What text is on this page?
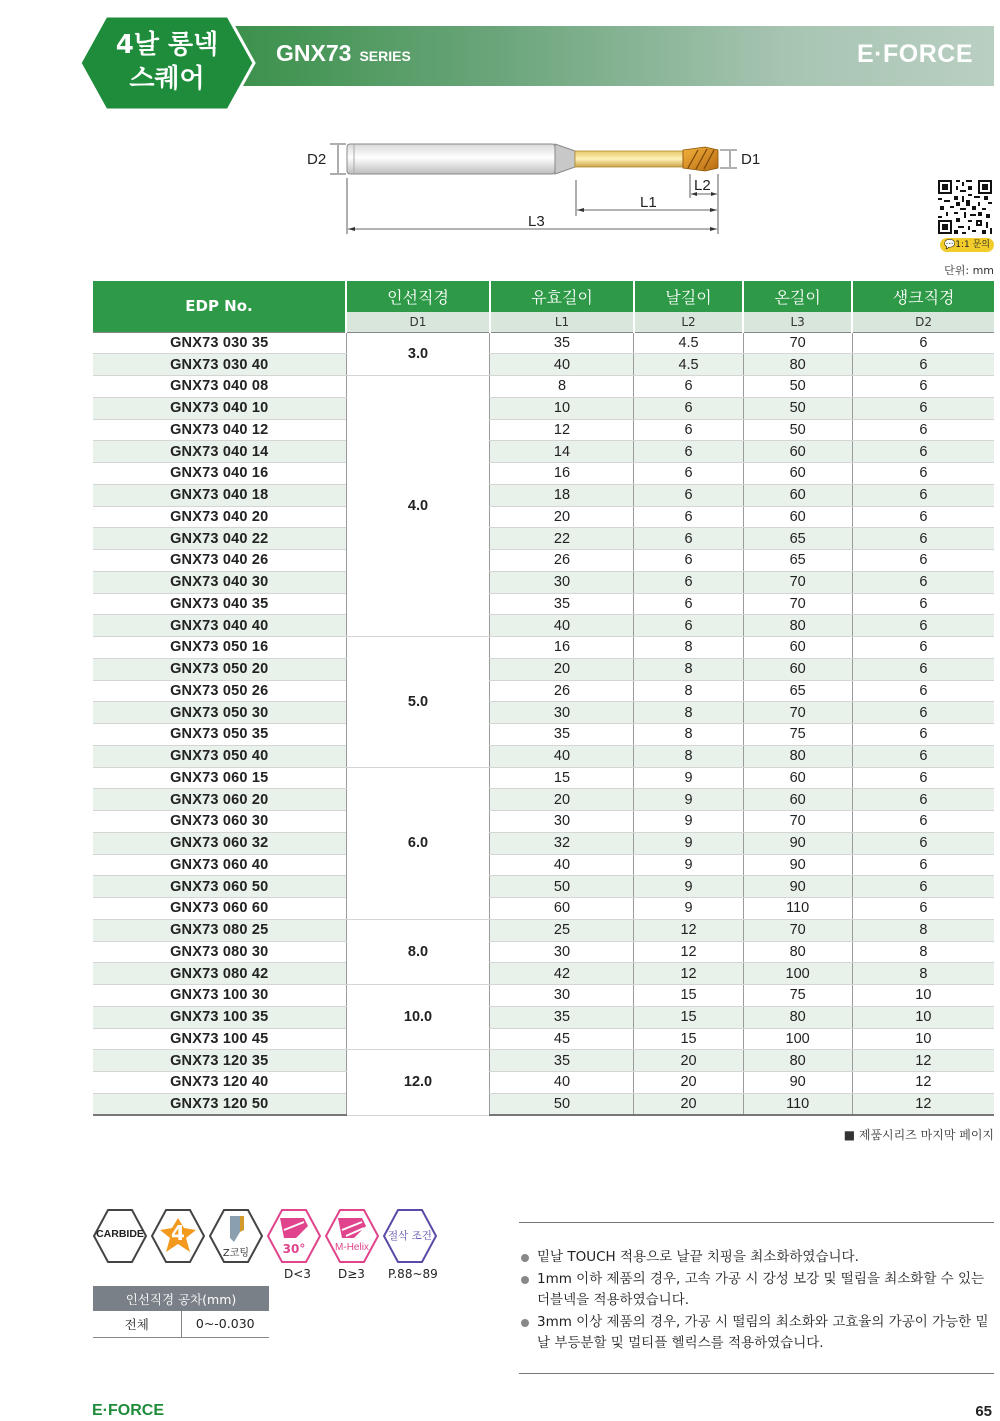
4날 롱넥
스퀘어
GNX73 SERIES	E·FORCE
D2	D1
L2
L1
L3
💬1:1 문의
단위: mm
EDP No.	인선직경	유효길이	날길이	온길이	생크직경
	D1	L1	L2	L3	D2
GNX73 030 35	3.0	35	4.5	70	6
GNX73 030 40		40	4.5	80	6
GNX73 040 08	4.0	8	6	50	6
GNX73 040 10		10	6	50	6
GNX73 040 12		12	6	50	6
GNX73 040 14		14	6	60	6
GNX73 040 16		16	6	60	6
GNX73 040 18		18	6	60	6
GNX73 040 20		20	6	60	6
GNX73 040 22		22	6	65	6
GNX73 040 26		26	6	65	6
GNX73 040 30		30	6	70	6
GNX73 040 35		35	6	70	6
GNX73 040 40		40	6	80	6
GNX73 050 16	5.0	16	8	60	6
GNX73 050 20		20	8	60	6
GNX73 050 26		26	8	65	6
GNX73 050 30		30	8	70	6
GNX73 050 35		35	8	75	6
GNX73 050 40		40	8	80	6
GNX73 060 15	6.0	15	9	60	6
GNX73 060 20		20	9	60	6
GNX73 060 30		30	9	70	6
GNX73 060 32		32	9	90	6
GNX73 060 40		40	9	90	6
GNX73 060 50		50	9	90	6
GNX73 060 60		60	9	110	6
GNX73 080 25	8.0	25	12	70	8
GNX73 080 30		30	12	80	8
GNX73 080 42		42	12	100	8
GNX73 100 30	10.0	30	15	75	10
GNX73 100 35		35	15	80	10
GNX73 100 45		45	15	100	10
GNX73 120 35	12.0	35	20	80	12
GNX73 120 40		40	20	90	12
GNX73 120 50		50	20	110	12
■ 제품시리즈 마지막 페이지
CARBIDE	4
Z코팅	30°	M-Helix
절삭 조건
D<3 D≥3 P.88~89
인선직경 공차(mm)
전체	0~-0.030
밑날 TOUCH 적용으로 날끝 치핑을 최소화하였습니다.
1mm 이하 제품의 경우, 고속 가공 시 강성 보강 및 떨림을 최소화할 수 있는 더블넥을 적용하였습니다.
3mm 이상 제품의 경우, 가공 시 떨림의 최소화와 고효율의 가공이 가능한 밑날 부등분할 및 멀티플 헬릭스를 적용하였습니다.
E·FORCE	65
